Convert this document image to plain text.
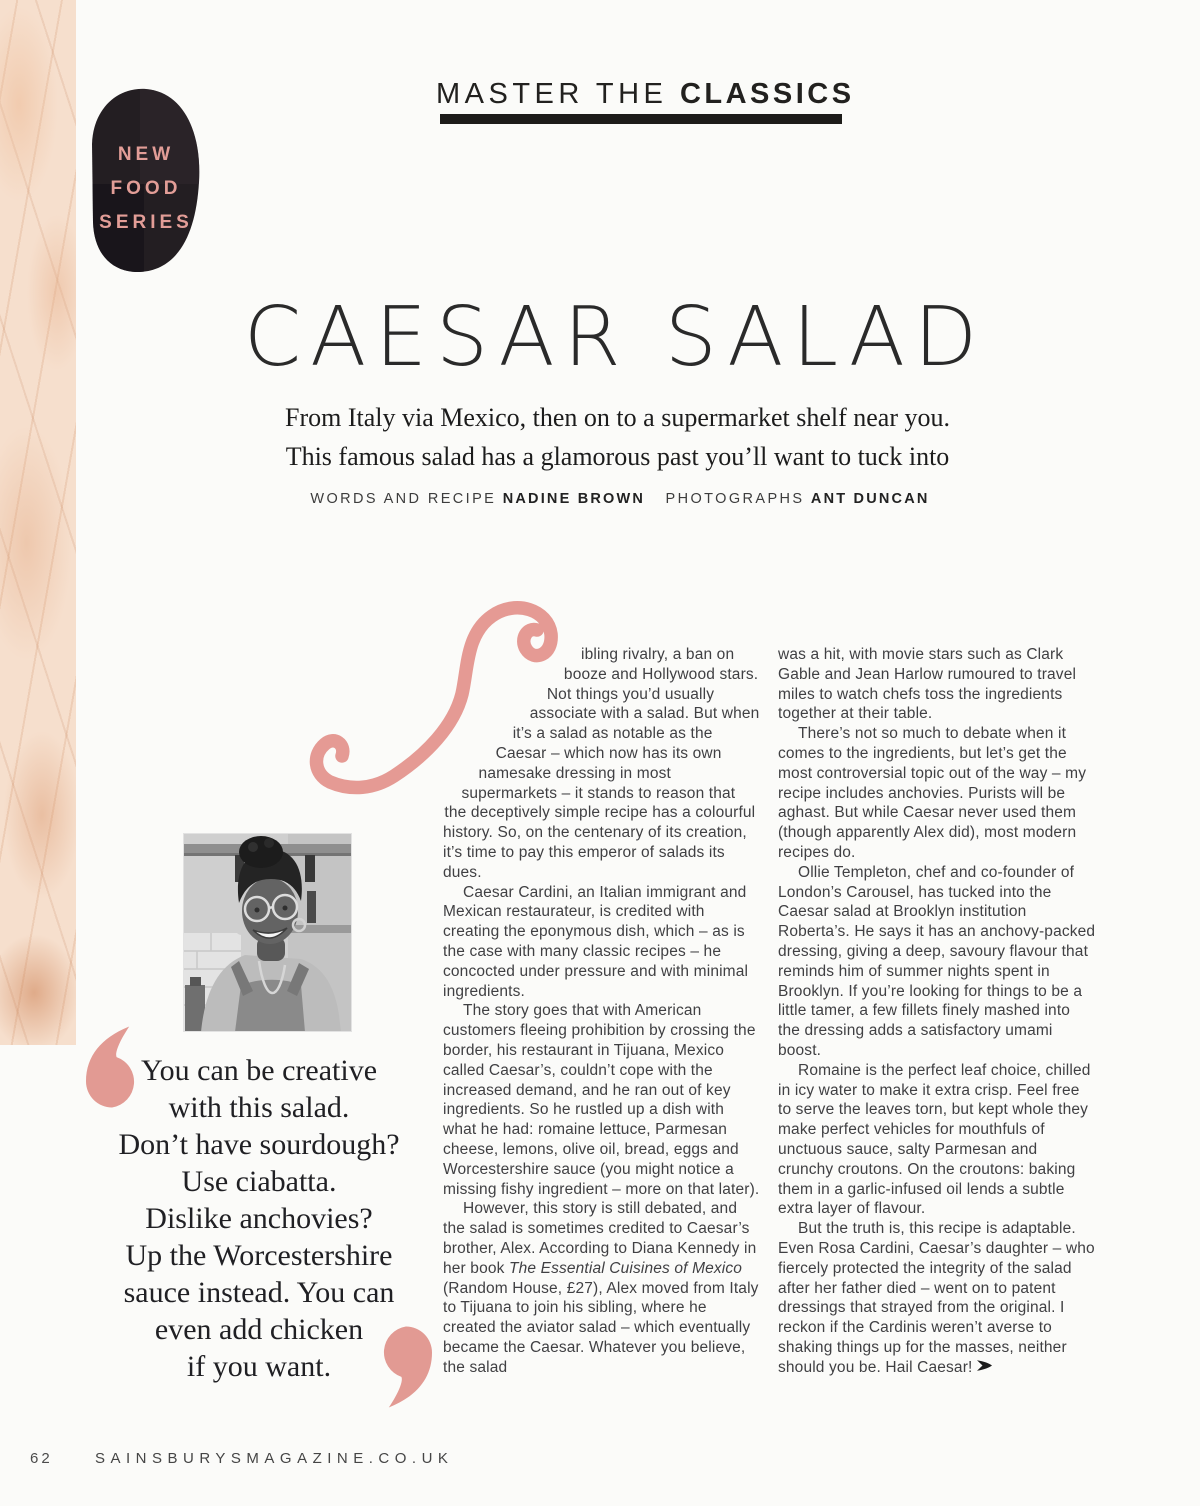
NEW
FOOD
SERIES
MASTER THE CLASSICS
CAESAR SALAD
From Italy via Mexico, then on to a supermarket shelf near you.
This famous salad has a glamorous past you’ll want to tuck into
WORDS AND RECIPE NADINE BROWN PHOTOGRAPHS ANT DUNCAN

ibling rivalry, a ban on booze and Hollywood stars. Not things you’d usually associate with a salad. But when it’s a salad as notable as the Caesar – which now has its own namesake dressing in most supermarkets – it stands to reason that the deceptively simple recipe has a colourful history. So, on the centenary of its creation, it’s time to pay this emperor of salads its dues.

Caesar Cardini, an Italian immigrant and Mexican restaurateur, is credited with creating the eponymous dish, which – as is the case with many classic recipes – he concocted under pressure and with minimal ingredients.

The story goes that with American customers fleeing prohibition by crossing the border, his restaurant in Tijuana, Mexico called Caesar’s, couldn’t cope with the increased demand, and he ran out of key ingredients. So he rustled up a dish with what he had: romaine lettuce, Parmesan cheese, lemons, olive oil, bread, eggs and Worcestershire sauce (you might notice a missing fishy ingredient – more on that later).

However, this story is still debated, and the salad is sometimes credited to Caesar’s brother, Alex. According to Diana Kennedy in her book The Essential Cuisines of Mexico (Random House, £27), Alex moved from Italy to Tijuana to join his sibling, where he created the aviator salad – which eventually became the Caesar. Whatever you believe, the salad

was a hit, with movie stars such as Clark Gable and Jean Harlow rumoured to travel miles to watch chefs toss the ingredients together at their table.

There’s not so much to debate when it comes to the ingredients, but let’s get the most controversial topic out of the way – my recipe includes anchovies. Purists will be aghast. But while Caesar never used them (though apparently Alex did), most modern recipes do.

Ollie Templeton, chef and co-founder of London’s Carousel, has tucked into the Caesar salad at Brooklyn institution Roberta’s. He says it has an anchovy-packed dressing, giving a deep, savoury flavour that reminds him of summer nights spent in Brooklyn. If you’re looking for things to be a little tamer, a few fillets finely mashed into the dressing adds a satisfactory umami boost.

Romaine is the perfect leaf choice, chilled in icy water to make it extra crisp. Feel free to serve the leaves torn, but kept whole they make perfect vehicles for mouthfuls of unctuous sauce, salty Parmesan and crunchy croutons. On the croutons: baking them in a garlic-infused oil lends a subtle extra layer of flavour.

But the truth is, this recipe is adaptable. Even Rosa Cardini, Caesar’s daughter – who fiercely protected the integrity of the salad after her father died – went on to patent dressings that strayed from the original. I reckon if the Cardinis weren’t averse to shaking things up for the masses, neither should you be. Hail Caesar!

You can be creative
with this salad.
Don’t have sourdough?
Use ciabatta.
Dislike anchovies?
Up the Worcestershire
sauce instead. You can
even add chicken
if you want.
62	SAINSBURYSMAGAZINE.CO.UK
